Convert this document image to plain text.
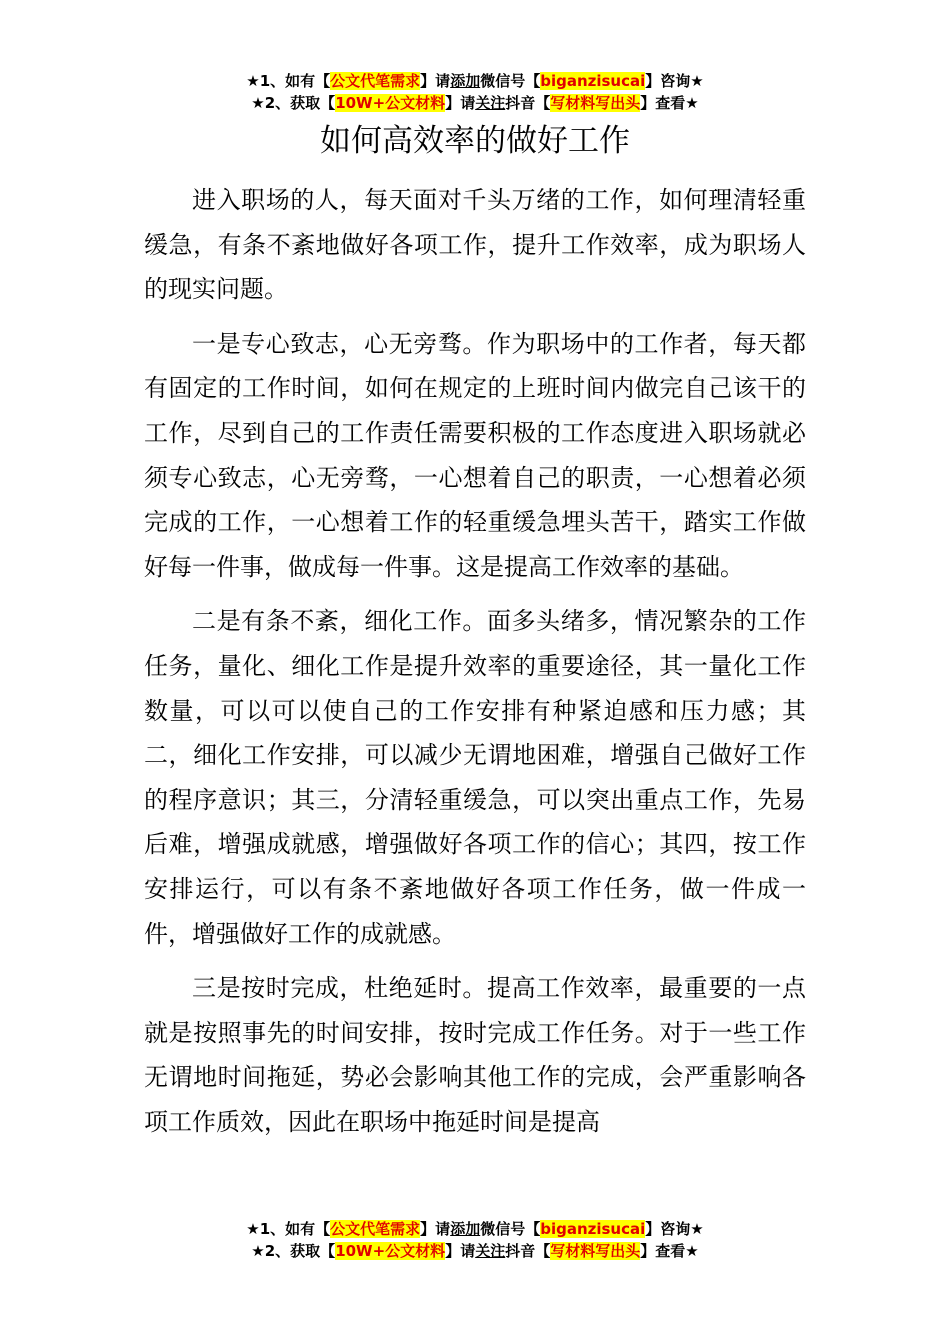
★1、如有【公文代笔需求】请添加微信号【biganzisucai】咨询★
★2、获取【10W+公文材料】请关注抖音【写材料写出头】查看★
如何高效率的做好工作

进入职场的人，每天面对千头万绪的工作，如何理清轻重缓急，有条不紊地做好各项工作，提升工作效率，成为职场人的现实问题。

一是专心致志，心无旁骛。作为职场中的工作者，每天都有固定的工作时间，如何在规定的上班时间内做完自己该干的工作，尽到自己的工作责任需要积极的工作态度进入职场就必须专心致志，心无旁骛，一心想着自己的职责，一心想着必须完成的工作，一心想着工作的轻重缓急埋头苦干，踏实工作做好每一件事，做成每一件事。这是提高工作效率的基础。

二是有条不紊，细化工作。面多头绪多，情况繁杂的工作任务，量化、细化工作是提升效率的重要途径，其一量化工作数量，可以可以使自己的工作安排有种紧迫感和压力感；其二，细化工作安排，可以减少无谓地困难，增强自己做好工作的程序意识；其三，分清轻重缓急，可以突出重点工作，先易后难，增强成就感，增强做好各项工作的信心；其四，按工作安排运行，可以有条不紊地做好各项工作任务，做一件成一件，增强做好工作的成就感。

三是按时完成，杜绝延时。提高工作效率，最重要的一点就是按照事先的时间安排，按时完成工作任务。对于一些工作无谓地时间拖延，势必会影响其他工作的完成，会严重影响各项工作质效，因此在职场中拖延时间是提高

★1、如有【公文代笔需求】请添加微信号【biganzisucai】咨询★
★2、获取【10W+公文材料】请关注抖音【写材料写出头】查看★
